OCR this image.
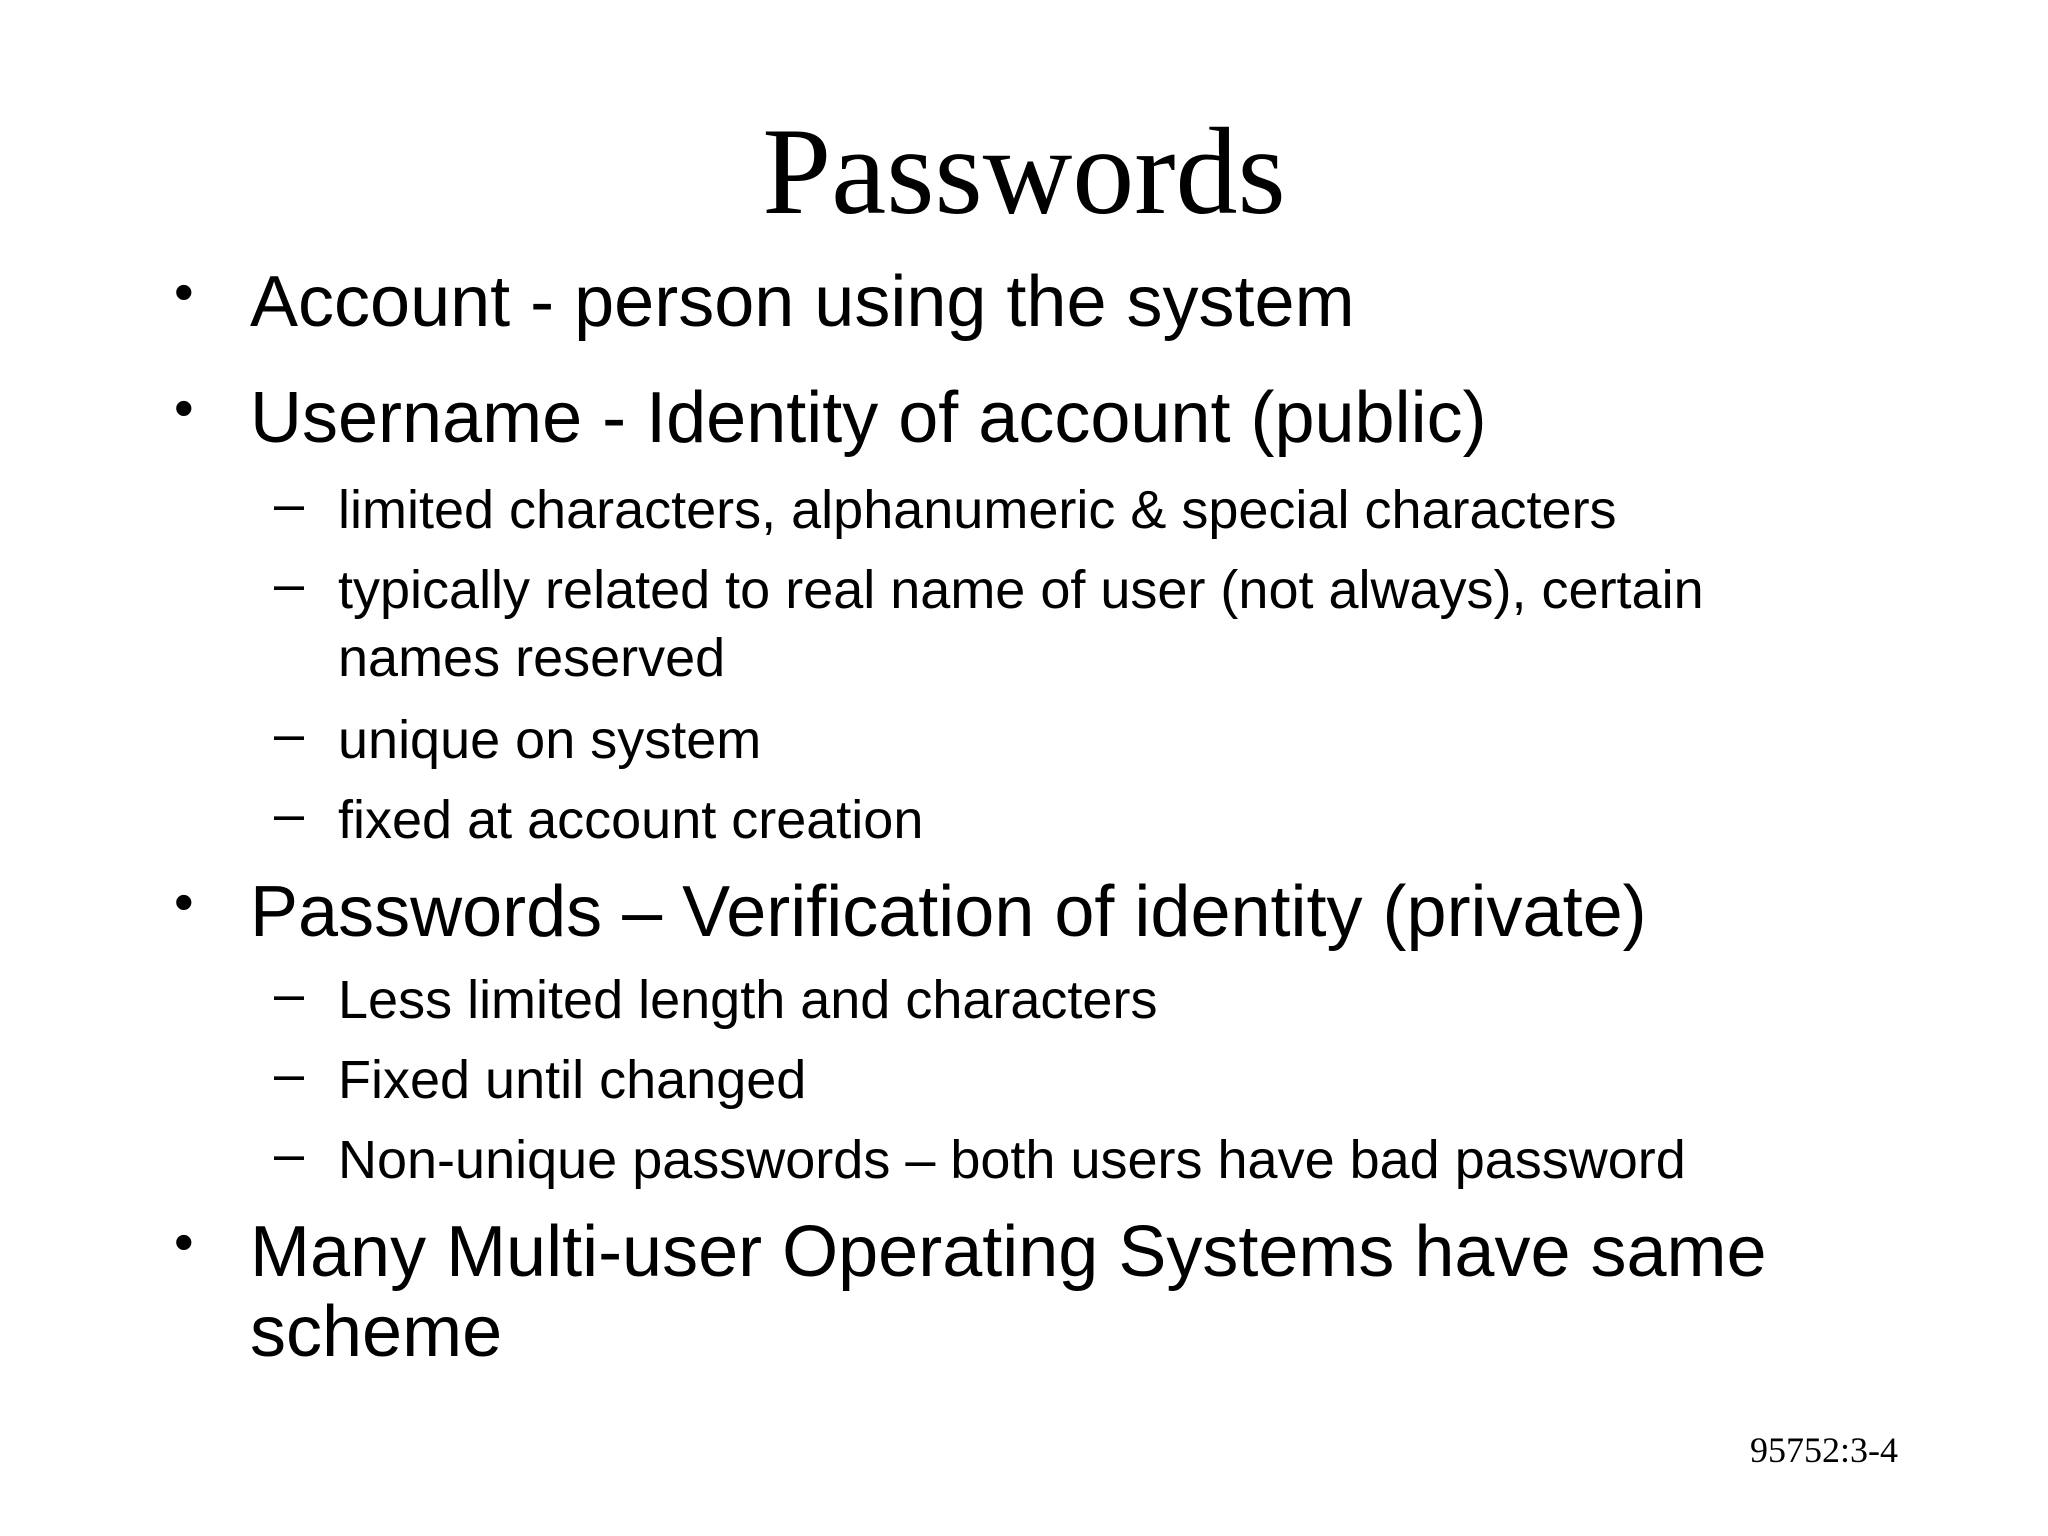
Passwords
• Account - person using the system
• Username - Identity of account (public)
– limited characters, alphanumeric & special characters
– typically related to real name of user (not always), certain
names reserved
– unique on system
– fixed at account creation
• Passwords – Verification of identity (private)
– Less limited length and characters
– Fixed until changed
– Non-unique passwords – both users have bad password
• Many Multi-user Operating Systems have same
scheme
95752:3-4
